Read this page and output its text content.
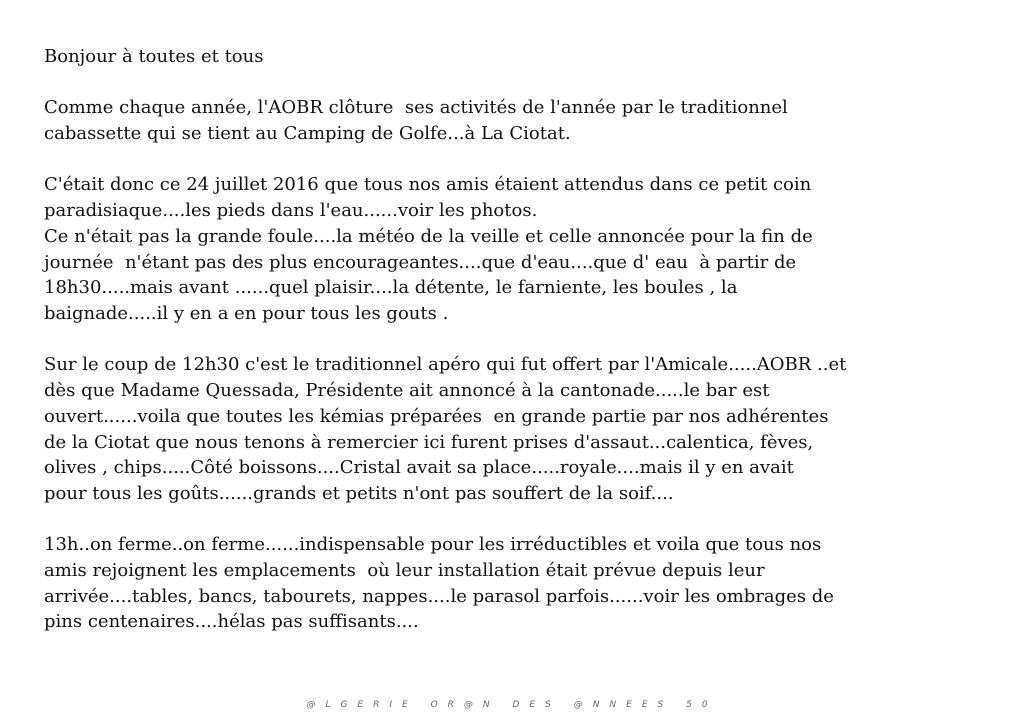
Bonjour à toutes et tous
Comme chaque année, l'AOBR clôture  ses activités de l'année par le traditionnel
cabassette qui se tient au Camping de Golfe...à La Ciotat.
C'était donc ce 24 juillet 2016 que tous nos amis étaient attendus dans ce petit coin
paradisiaque....les pieds dans l'eau......voir les photos.
Ce n'était pas la grande foule....la météo de la veille et celle annoncée pour la fin de
journée  n'étant pas des plus encourageantes....que d'eau....que d' eau  à partir de
18h30.....mais avant ......quel plaisir....la détente, le farniente, les boules , la
baignade.....il y en a en pour tous les gouts .
Sur le coup de 12h30 c'est le traditionnel apéro qui fut offert par l'Amicale.....AOBR ..et
dès que Madame Quessada, Présidente ait annoncé à la cantonade.....le bar est
ouvert......voila que toutes les kémias préparées  en grande partie par nos adhérentes
de la Ciotat que nous tenons à remercier ici furent prises d'assaut...calentica, fèves,
olives , chips.....Côté boissons....Cristal avait sa place.....royale....mais il y en avait
pour tous les goûts......grands et petits n'ont pas souffert de la soif....
13h..on ferme..on ferme......indispensable pour les irréductibles et voila que tous nos
amis rejoignent les emplacements  où leur installation était prévue depuis leur
arrivée....tables, bancs, tabourets, nappes....le parasol parfois......voir les ombrages de
pins centenaires....hélas pas suffisants....
@LGERIE OR@N DES @NNEES 50
